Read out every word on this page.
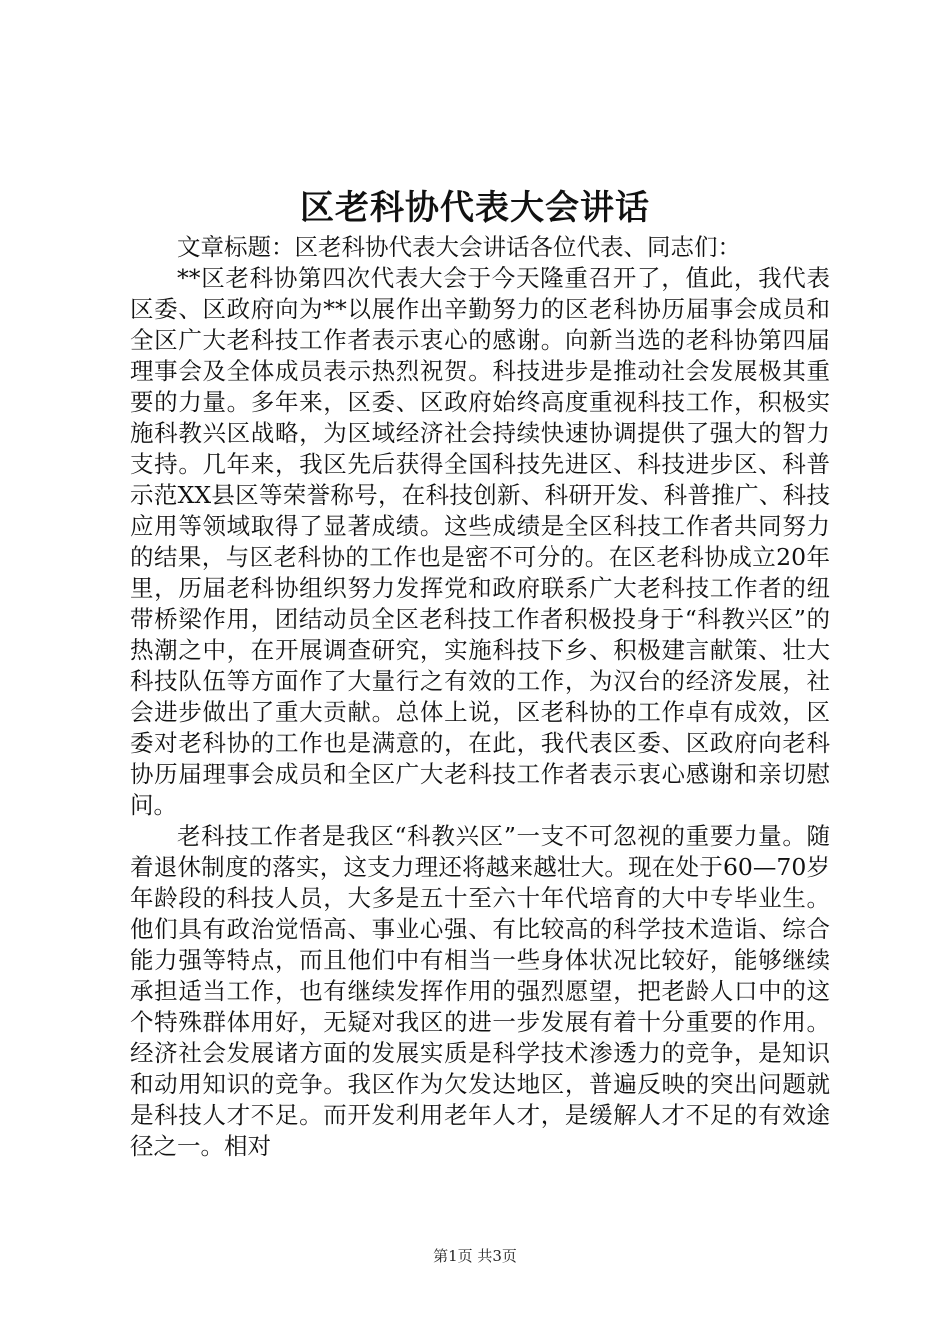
区老科协代表大会讲话

文章标题：区老科协代表大会讲话各位代表、同志们：

**区老科协第四次代表大会于今天隆重召开了，值此，我代表区委、区政府向为**以展作出辛勤努力的区老科协历届事会成员和全区广大老科技工作者表示衷心的感谢。向新当选的老科协第四届理事会及全体成员表示热烈祝贺。科技进步是推动社会发展极其重要的力量。多年来，区委、区政府始终高度重视科技工作，积极实施科教兴区战略，为区域经济社会持续快速协调提供了强大的智力支持。几年来，我区先后获得全国科技先进区、科技进步区、科普示范XX县区等荣誉称号，在科技创新、科研开发、科普推广、科技应用等领域取得了显著成绩。这些成绩是全区科技工作者共同努力的结果，与区老科协的工作也是密不可分的。在区老科协成立20年里，历届老科协组织努力发挥党和政府联系广大老科技工作者的纽带桥梁作用，团结动员全区老科技工作者积极投身于“科教兴区”的热潮之中，在开展调查研究，实施科技下乡、积极建言献策、壮大科技队伍等方面作了大量行之有效的工作，为汉台的经济发展，社会进步做出了重大贡献。总体上说，区老科协的工作卓有成效，区委对老科协的工作也是满意的，在此，我代表区委、区政府向老科协历届理事会成员和全区广大老科技工作者表示衷心感谢和亲切慰问。

老科技工作者是我区“科教兴区”一支不可忽视的重要力量。随着退休制度的落实，这支力理还将越来越壮大。现在处于60—70岁年龄段的科技人员，大多是五十至六十年代培育的大中专毕业生。他们具有政治觉悟高、事业心强、有比较高的科学技术造诣、综合能力强等特点，而且他们中有相当一些身体状况比较好，能够继续承担适当工作，也有继续发挥作用的强烈愿望，把老龄人口中的这个特殊群体用好，无疑对我区的进一步发展有着十分重要的作用。经济社会发展诸方面的发展实质是科学技术渗透力的竞争，是知识和动用知识的竞争。我区作为欠发达地区，普遍反映的突出问题就是科技人才不足。而开发利用老年人才，是缓解人才不足的有效途径之一。相对

第1页 共3页
